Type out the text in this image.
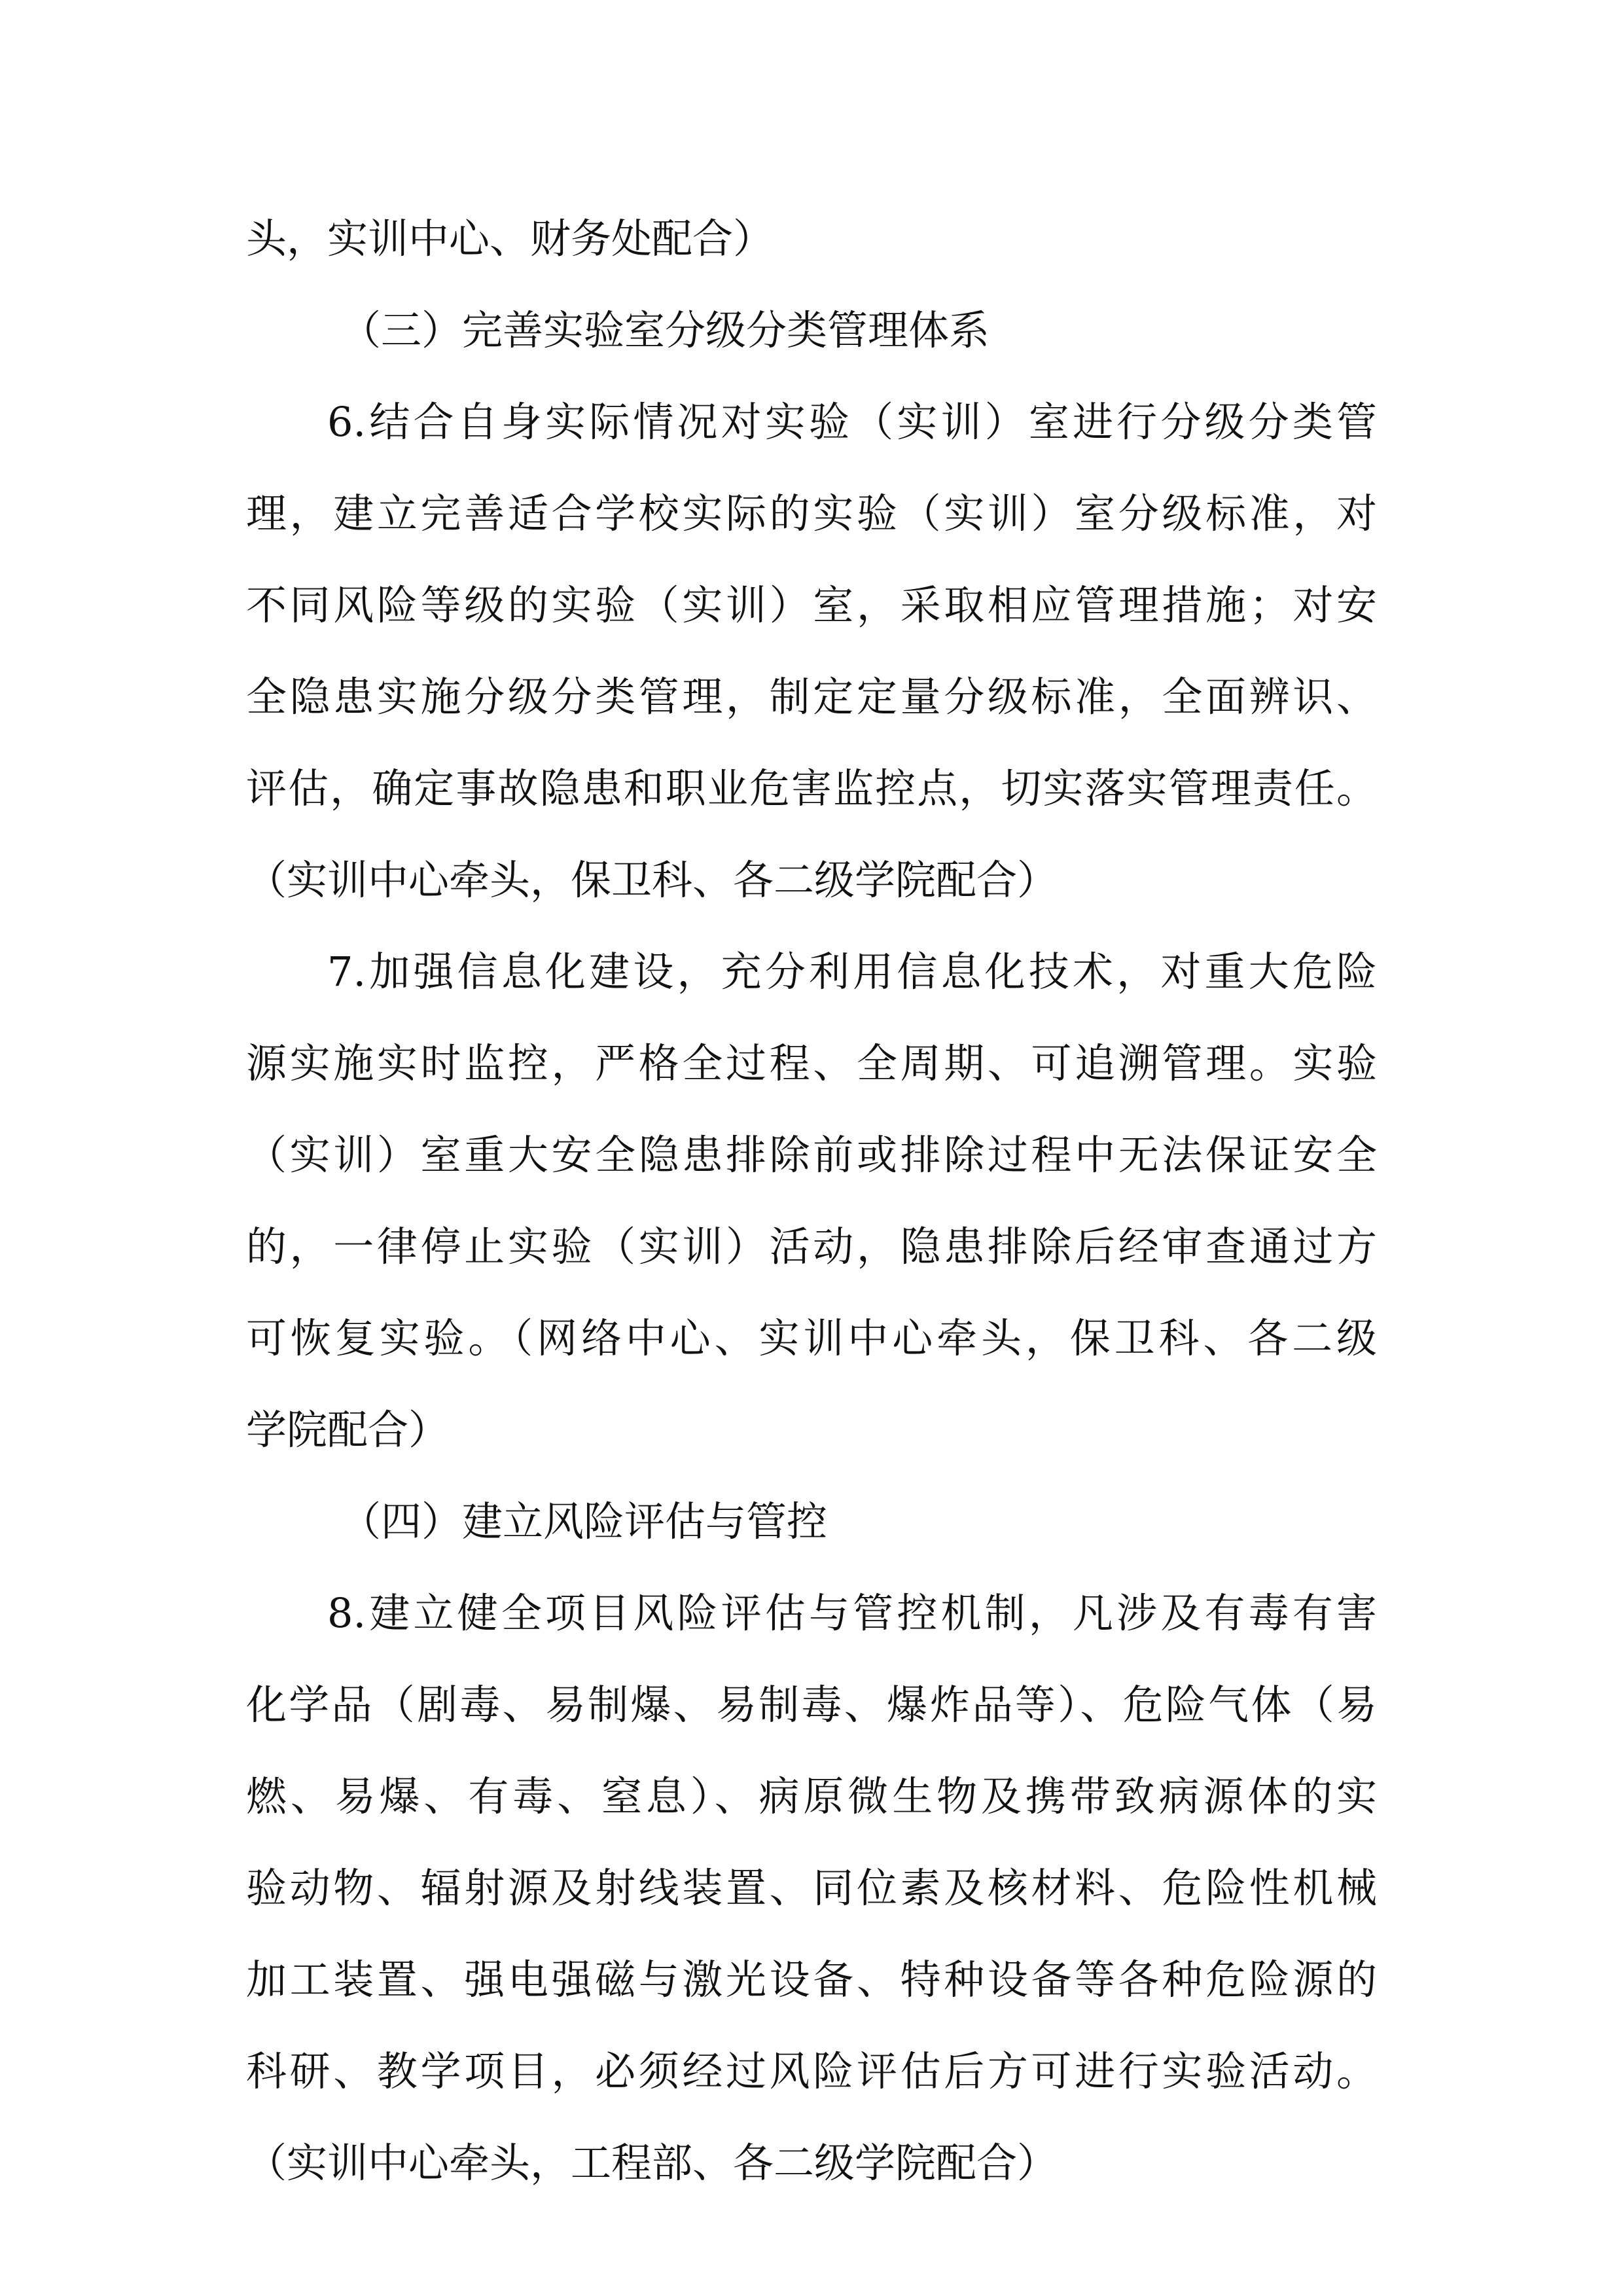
头，实训中心、财务处配合）
（三）完善实验室分级分类管理体系
6.结合自身实际情况对实验（实训）室进行分级分类管
理，建立完善适合学校实际的实验（实训）室分级标准，对
不同风险等级的实验（实训）室，采取相应管理措施；对安
全隐患实施分级分类管理，制定定量分级标准，全面辨识、
评估，确定事故隐患和职业危害监控点，切实落实管理责任。
（实训中心牵头，保卫科、各二级学院配合）
7.加强信息化建设，充分利用信息化技术，对重大危险
源实施实时监控，严格全过程、全周期、可追溯管理。实验
（实训）室重大安全隐患排除前或排除过程中无法保证安全
的，一律停止实验（实训）活动，隐患排除后经审查通过方
可恢复实验。（网络中心、实训中心牵头，保卫科、各二级
学院配合）
（四）建立风险评估与管控
8.建立健全项目风险评估与管控机制，凡涉及有毒有害
化学品（剧毒、易制爆、易制毒、爆炸品等）、危险气体（易
燃、易爆、有毒、窒息）、病原微生物及携带致病源体的实
验动物、辐射源及射线装置、同位素及核材料、危险性机械
加工装置、强电强磁与激光设备、特种设备等各种危险源的
科研、教学项目，必须经过风险评估后方可进行实验活动。
（实训中心牵头，工程部、各二级学院配合）
